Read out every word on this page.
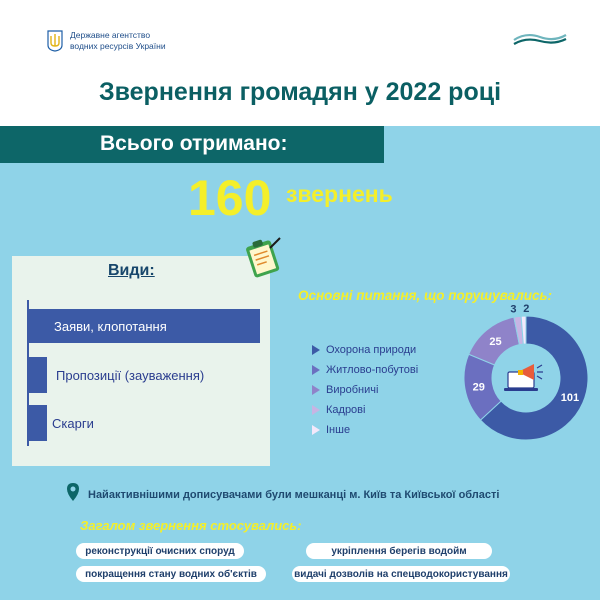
Державне агентство
водних ресурсів України
Звернення громадян у 2022 році
Всього отримано:
160 звернень
Види:
Основні питання, що порушувались:
Охорона природи
Житлово-побутові
Виробничі
Кадрові
Інше
101
29
25
3 2
Найактивнішими дописувачами були мешканці м. Київ та Київської області
Загалом звернення стосувались:
реконструкції очисних споруд	укріплення берегів водойм
покращення стану водних об'єктів	видачі дозволів на спецводокористування
Заяви, клопотання
Пропозиції (зауваження)
Скарги
